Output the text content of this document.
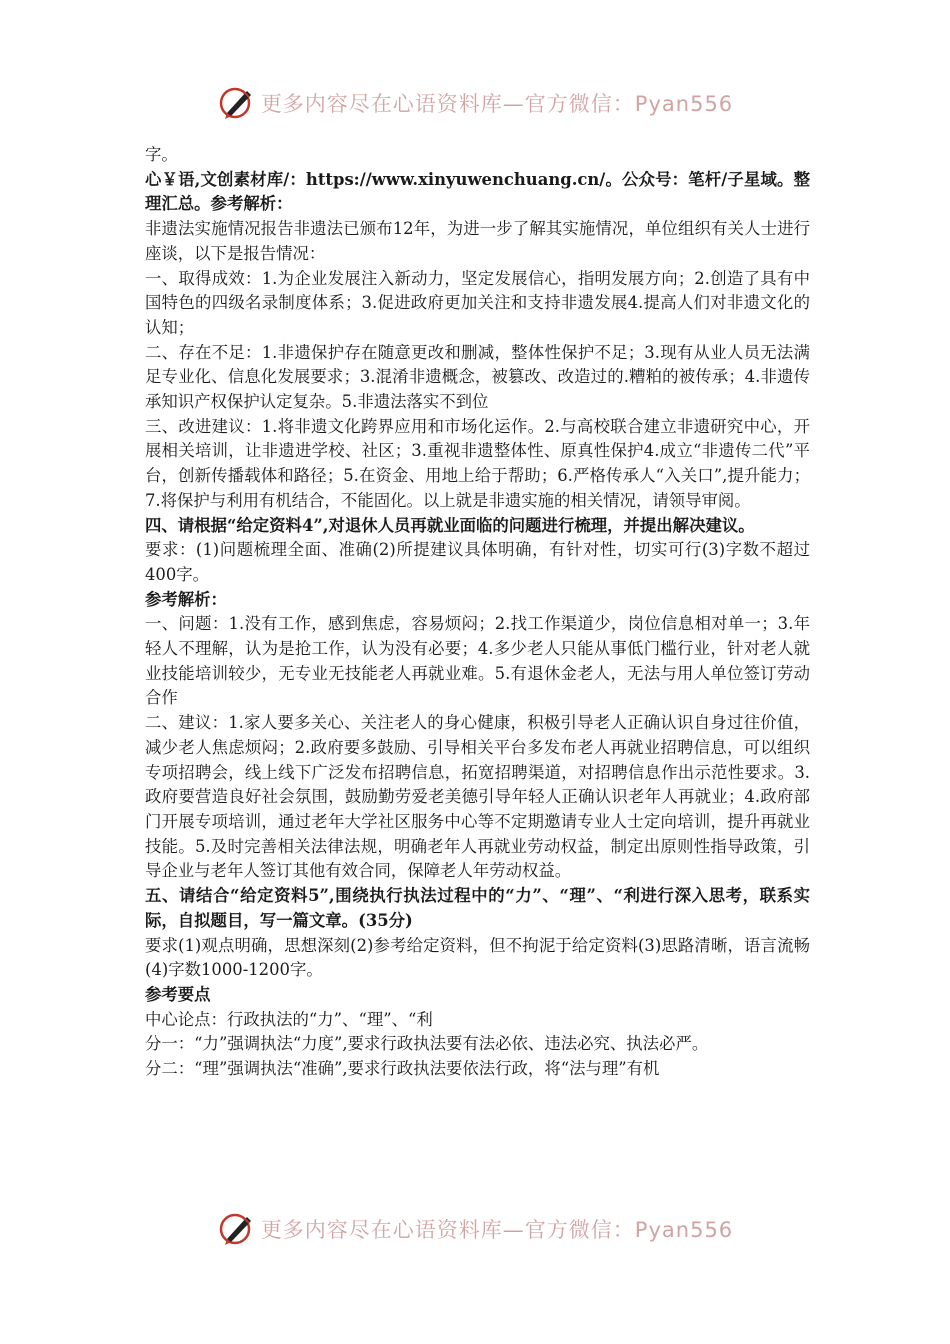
更多内容尽在心语资料库—官方微信：Pyan556

字。

心￥语,文创素材库/：https://www.xinyuwenchuang.cn/。公众号：笔杆/子星域。整理汇总。参考解析：

非遗法实施情况报告非遗法已颁布12年，为进一步了解其实施情况，单位组织有关人士进行座谈，以下是报告情况：

一、取得成效：1.为企业发展注入新动力，坚定发展信心，指明发展方向；2.创造了具有中国特色的四级名录制度体系；3.促进政府更加关注和支持非遗发展4.提高人们对非遗文化的认知；

二、存在不足：1.非遗保护存在随意更改和删减，整体性保护不足；3.现有从业人员无法满足专业化、信息化发展要求；3.混淆非遗概念，被篡改、改造过的.糟粕的被传承；4.非遗传承知识产权保护认定复杂。5.非遗法落实不到位

三、改进建议：1.将非遗文化跨界应用和市场化运作。2.与高校联合建立非遗研究中心，开展相关培训，让非遗进学校、社区；3.重视非遗整体性、原真性保护4.成立“非遗传二代”平台，创新传播载体和路径；5.在资金、用地上给于帮助；6.严格传承人“入关口”,提升能力；7.将保护与利用有机结合，不能固化。以上就是非遗实施的相关情况，请领导审阅。

四、请根据“给定资料4”,对退休人员再就业面临的问题进行梳理，并提出解决建议。

要求：(1)问题梳理全面、准确(2)所提建议具体明确，有针对性，切实可行(3)字数不超过400字。

参考解析：

一、问题：1.没有工作，感到焦虑，容易烦闷；2.找工作渠道少，岗位信息相对单一；3.年轻人不理解，认为是抢工作，认为没有必要；4.多少老人只能从事低门槛行业，针对老人就业技能培训较少，无专业无技能老人再就业难。5.有退休金老人，无法与用人单位签订劳动合作

二、建议：1.家人要多关心、关注老人的身心健康，积极引导老人正确认识自身过往价值，减少老人焦虑烦闷；2.政府要多鼓励、引导相关平台多发布老人再就业招聘信息，可以组织专项招聘会，线上线下广泛发布招聘信息，拓宽招聘渠道，对招聘信息作出示范性要求。3.政府要营造良好社会氛围，鼓励勤劳爱老美德引导年轻人正确认识老年人再就业；4.政府部门开展专项培训，通过老年大学社区服务中心等不定期邀请专业人士定向培训，提升再就业技能。5.及时完善相关法律法规，明确老年人再就业劳动权益，制定出原则性指导政策，引导企业与老年人签订其他有效合同，保障老人年劳动权益。

五、请结合“给定资料5”,围绕执行执法过程中的“力”、“理”、“利进行深入思考，联系实际，自拟题目，写一篇文章。(35分)

要求(1)观点明确，思想深刻(2)参考给定资料，但不拘泥于给定资料(3)思路清晰，语言流畅(4)字数1000-1200字。

参考要点

中心论点：行政执法的“力”、“理”、“利

分一：“力”强调执法“力度”,要求行政执法要有法必依、违法必究、执法必严。

分二：“理”强调执法“准确”,要求行政执法要依法行政，将“法与理”有机

更多内容尽在心语资料库—官方微信：Pyan556
